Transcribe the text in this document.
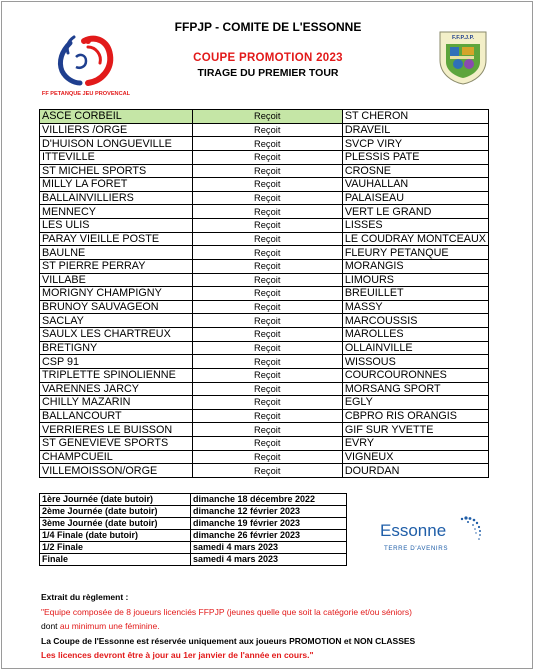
FFPJP - COMITE DE L'ESSONNE
COUPE PROMOTION 2023
TIRAGE DU PREMIER TOUR
FF PETANQUE JEU PROVENCAL
F.F.P.J.P.
ASCE CORBEIL	Reçoit	ST CHERON
VILLIERS /ORGE	Reçoit	DRAVEIL
D'HUISON LONGUEVILLE	Reçoit	SVCP VIRY
ITTEVILLE	Reçoit	PLESSIS PATE
ST MICHEL SPORTS	Reçoit	CROSNE
MILLY LA FORET	Reçoit	VAUHALLAN
BALLAINVILLIERS	Reçoit	PALAISEAU
MENNECY	Reçoit	VERT LE GRAND
LES ULIS	Reçoit	LISSES
PARAY VIEILLE POSTE	Reçoit	LE COUDRAY MONTCEAUX
BAULNE	Reçoit	FLEURY PETANQUE
ST PIERRE PERRAY	Reçoit	MORANGIS
VILLABE	Reçoit	LIMOURS
MORIGNY CHAMPIGNY	Reçoit	BREUILLET
BRUNOY SAUVAGEON	Reçoit	MASSY
SACLAY	Reçoit	MARCOUSSIS
SAULX LES CHARTREUX	Reçoit	MAROLLES
BRETIGNY	Reçoit	OLLAINVILLE
CSP 91	Reçoit	WISSOUS
TRIPLETTE SPINOLIENNE	Reçoit	COURCOURONNES
VARENNES JARCY	Reçoit	MORSANG SPORT
CHILLY MAZARIN	Reçoit	EGLY
BALLANCOURT	Reçoit	CBPRO RIS ORANGIS
VERRIERES LE BUISSON	Reçoit	GIF SUR YVETTE
ST GENEVIEVE SPORTS	Reçoit	EVRY
CHAMPCUEIL	Reçoit	VIGNEUX
VILLEMOISSON/ORGE	Reçoit	DOURDAN
1ère Journée (date butoir)	dimanche 18 décembre 2022
2ème Journée (date butoir)	dimanche 12 février 2023
3ème Journée (date butoir)	dimanche 19 février 2023
1/4 Finale (date butoir)	dimanche 26 février 2023
1/2 Finale	samedi 4 mars 2023
Finale	samedi 4 mars 2023
Essonne
TERRE D'AVENIRS
Extrait du règlement :
"Equipe composée de 8 joueurs licenciés FFPJP (jeunes quelle que soit la catégorie et/ou séniors)
dont au minimum une féminine.
La Coupe de l'Essonne est réservée uniquement aux joueurs PROMOTION et NON CLASSES
Les licences devront être à jour au 1er janvier de l'année en cours."
